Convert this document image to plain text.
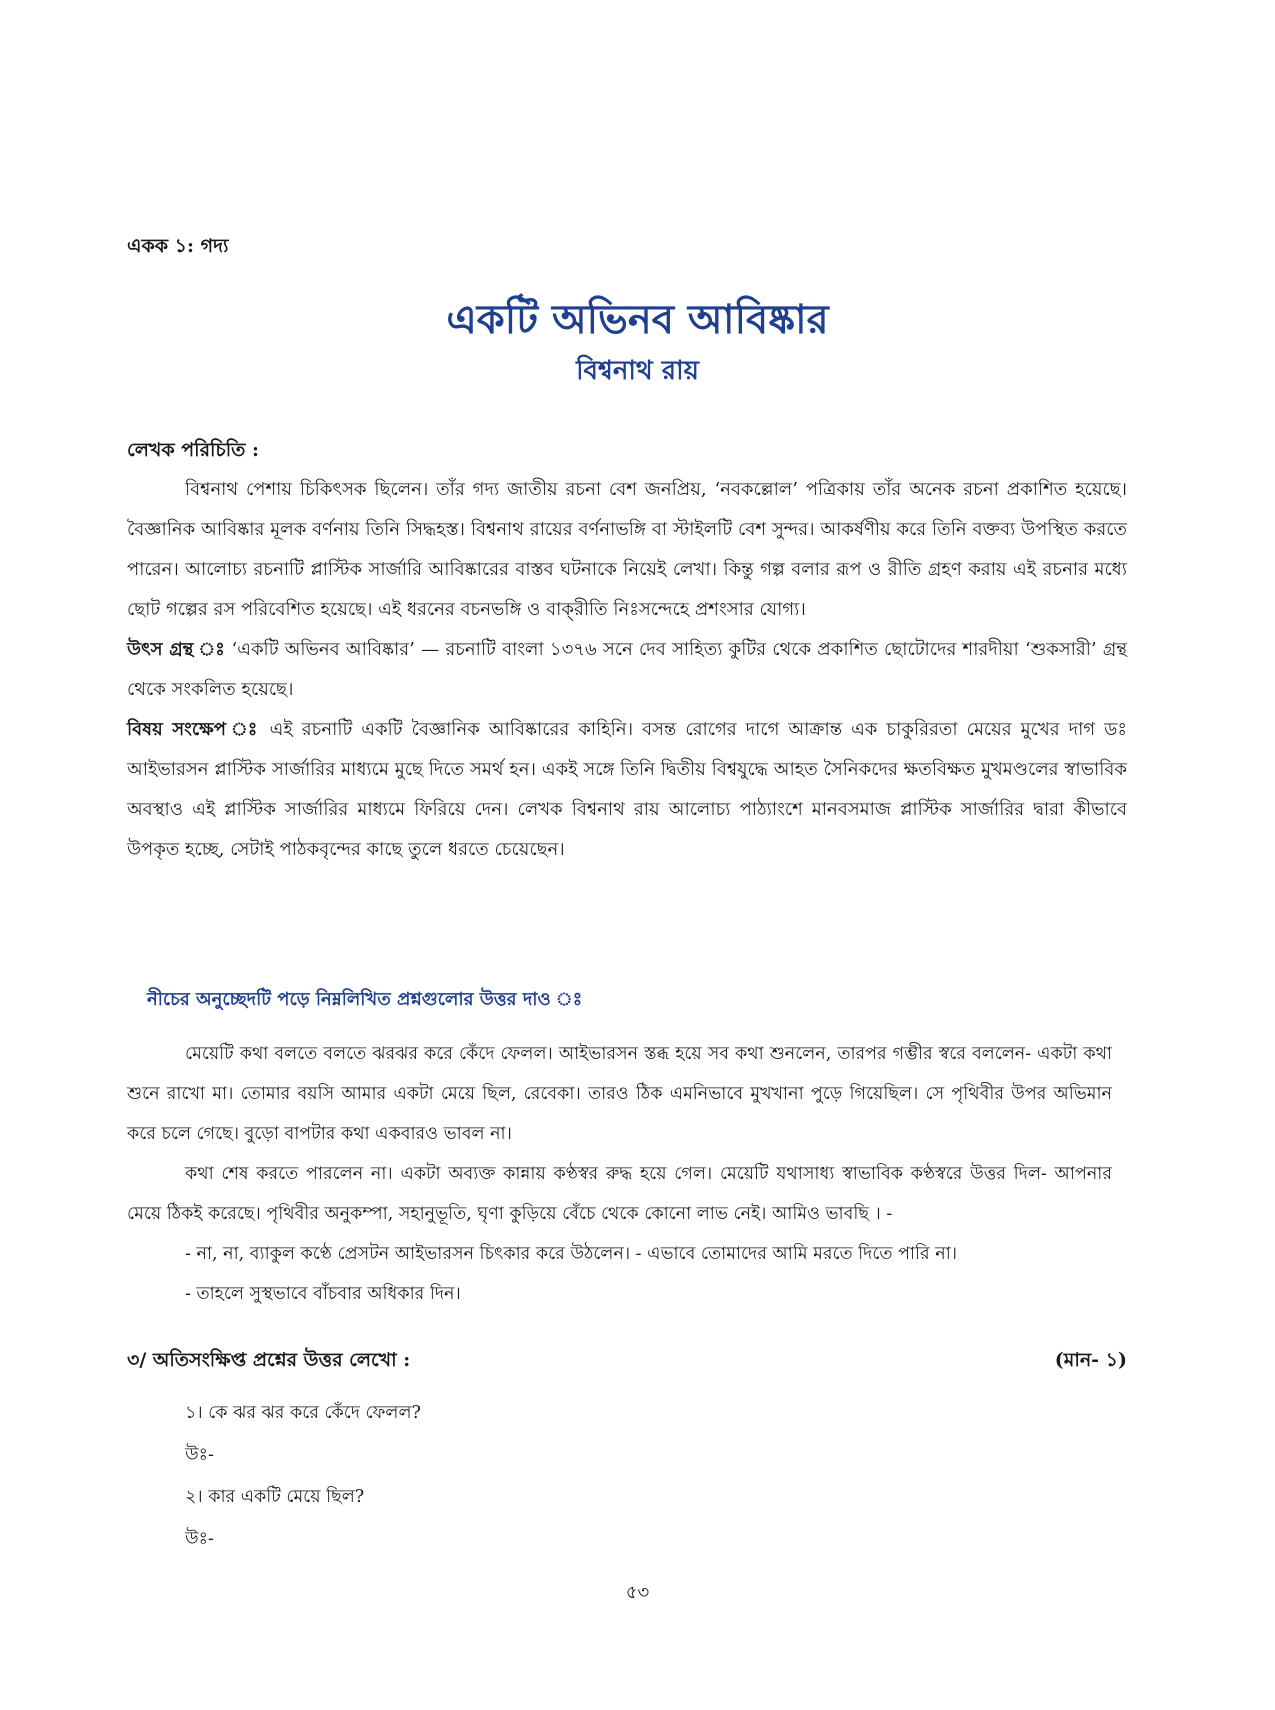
একক ১: গদ্য
একটি অভিনব আবিষ্কার
বিশ্বনাথ রায়
লেখক পরিচিতি :

বিশ্বনাথ পেশায় চিকিৎসক ছিলেন। তাঁর গদ্য জাতীয় রচনা বেশ জনপ্রিয়, ‘নবকল্লোল’ পত্রিকায় তাঁর অনেক রচনা প্রকাশিত হয়েছে। বৈজ্ঞানিক আবিষ্কার মূলক বর্ণনায় তিনি সিদ্ধহস্ত। বিশ্বনাথ রায়ের বর্ণনাভঙ্গি বা স্টাইলটি বেশ সুন্দর। আকর্ষণীয় করে তিনি বক্তব্য উপস্থিত করতে পারেন। আলোচ্য রচনাটি প্লাস্টিক সার্জারি আবিষ্কারের বাস্তব ঘটনাকে নিয়েই লেখা। কিন্তু গল্প বলার রূপ ও রীতি গ্রহণ করায় এই রচনার মধ্যে ছোট গল্পের রস পরিবেশিত হয়েছে। এই ধরনের বচনভঙ্গি ও বাক্‌রীতি নিঃসন্দেহে প্রশংসার যোগ্য।

উৎস গ্রন্থ ঃ ‘একটি অভিনব আবিষ্কার’ — রচনাটি বাংলা ১৩৭৬ সনে দেব সাহিত্য কুটির থেকে প্রকাশিত ছোটোদের শারদীয়া ‘শুকসারী’ গ্রন্থ থেকে সংকলিত হয়েছে।

বিষয় সংক্ষেপ ঃ এই রচনাটি একটি বৈজ্ঞানিক আবিষ্কারের কাহিনি। বসন্ত রোগের দাগে আক্রান্ত এক চাকুরিরতা মেয়ের মুখের দাগ ডঃ আইভারসন প্লাস্টিক সার্জারির মাধ্যমে মুছে দিতে সমর্থ হন। একই সঙ্গে তিনি দ্বিতীয় বিশ্বযুদ্ধে আহত সৈনিকদের ক্ষতবিক্ষত মুখমণ্ডলের স্বাভাবিক অবস্থাও এই প্লাস্টিক সার্জারির মাধ্যমে ফিরিয়ে দেন। লেখক বিশ্বনাথ রায় আলোচ্য পাঠ্যাংশে মানবসমাজ প্লাস্টিক সার্জারির দ্বারা কীভাবে উপকৃত হচ্ছে, সেটাই পাঠকবৃন্দের কাছে তুলে ধরতে চেয়েছেন।

নীচের অনুচ্ছেদটি পড়ে নিম্নলিখিত প্রশ্নগুলোর উত্তর দাও ঃ

মেয়েটি কথা বলতে বলতে ঝরঝর করে কেঁদে ফেলল। আইভারসন স্তব্ধ হয়ে সব কথা শুনলেন, তারপর গম্ভীর স্বরে বললেন- একটা কথা শুনে রাখো মা। তোমার বয়সি আমার একটা মেয়ে ছিল, রেবেকা। তারও ঠিক এমনিভাবে মুখখানা পুড়ে গিয়েছিল। সে পৃথিবীর উপর অভিমান করে চলে গেছে। বুড়ো বাপটার কথা একবারও ভাবল না।

কথা শেষ করতে পারলেন না। একটা অব্যক্ত কান্নায় কণ্ঠস্বর রুদ্ধ হয়ে গেল। মেয়েটি যথাসাধ্য স্বাভাবিক কণ্ঠস্বরে উত্তর দিল- আপনার মেয়ে ঠিকই করেছে। পৃথিবীর অনুকম্পা, সহানুভূতি, ঘৃণা কুড়িয়ে বেঁচে থেকে কোনো লাভ নেই। আমিও ভাবছি । -

- না, না, ব্যাকুল কণ্ঠে প্রেসটন আইভারসন চিৎকার করে উঠলেন। - এভাবে তোমাদের আমি মরতে দিতে পারি না।

- তাহলে সুস্থভাবে বাঁচবার অধিকার দিন।

৩/ অতিসংক্ষিপ্ত প্রশ্নের উত্তর লেখো :	(মান- ১)
১। কে ঝর ঝর করে কেঁদে ফেলল?
উঃ-
২। কার একটি মেয়ে ছিল?
উঃ-
৫৩
